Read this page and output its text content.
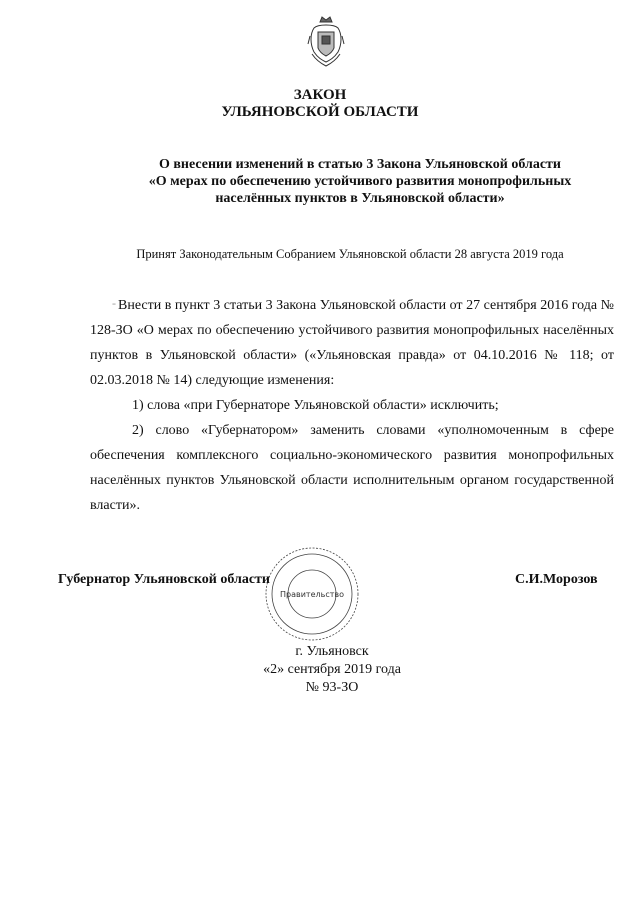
ЗАКОН
УЛЬЯНОВСКОЙ ОБЛАСТИ
О внесении изменений в статью 3 Закона Ульяновской области
«О мерах по обеспечению устойчивого развития монопрофильных
населённых пунктов в Ульяновской области»
Принят Законодательным Собранием Ульяновской области 28 августа 2019 года
- Внести в пункт 3 статьи 3 Закона Ульяновской области от 27 сентября 2016 года № 128-ЗО «О мерах по обеспечению устойчивого развития монопрофильных населённых пунктов в Ульяновской области» («Ульяновская правда» от 04.10.2016 № 118; от 02.03.2018 № 14) следующие изменения:

1) слова «при Губернаторе Ульяновской области» исключить;

2) слово «Губернатором» заменить словами «уполномоченным в сфере обеспечения комплексного социально-экономического развития монопрофильных населённых пунктов Ульяновской области исполнительным органом государственной власти».

Правительство
Губернатор Ульяновской области	С.И.Морозов
г. Ульяновск
«2» сентября 2019 года
№ 93-ЗО
